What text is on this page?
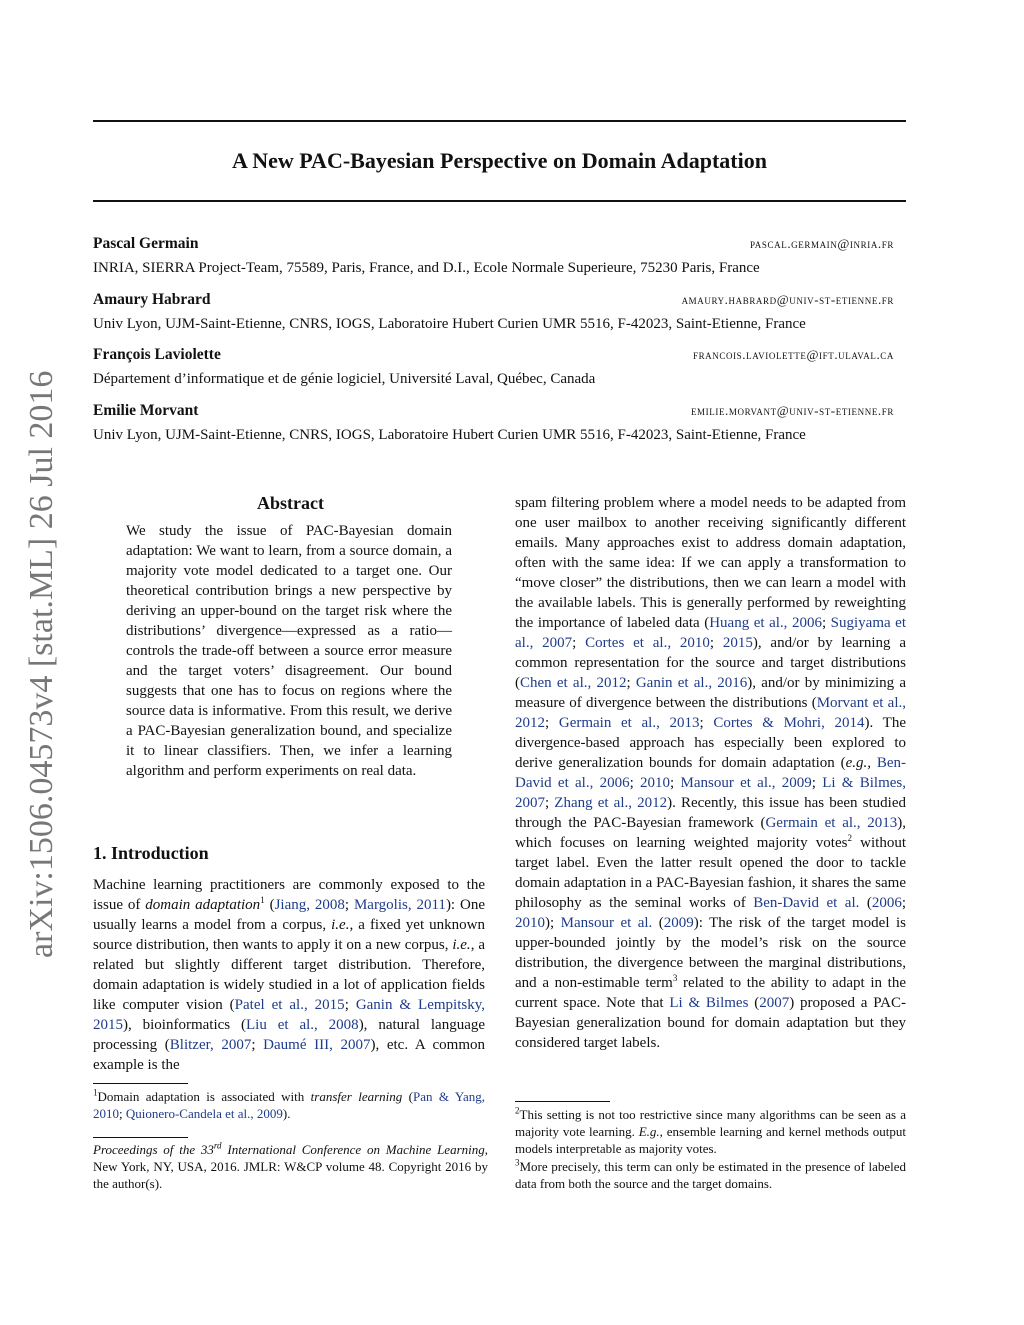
A New PAC-Bayesian Perspective on Domain Adaptation
Pascal Germain	pascal.germain@inria.fr
INRIA, SIERRA Project-Team, 75589, Paris, France, and D.I., Ecole Normale Superieure, 75230 Paris, France
Amaury Habrard	amaury.habrard@univ-st-etienne.fr
Univ Lyon, UJM-Saint-Etienne, CNRS, IOGS, Laboratoire Hubert Curien UMR 5516, F-42023, Saint-Etienne, France
François Laviolette	francois.laviolette@ift.ulaval.ca
Département d’informatique et de génie logiciel, Université Laval, Québec, Canada
Emilie Morvant	emilie.morvant@univ-st-etienne.fr
Univ Lyon, UJM-Saint-Etienne, CNRS, IOGS, Laboratoire Hubert Curien UMR 5516, F-42023, Saint-Etienne, France
arXiv:1506.04573v4 [stat.ML] 26 Jul 2016	Abstract
We study the issue of PAC-Bayesian domain adaptation: We want to learn, from a source domain, a majority vote model dedicated to a target one. Our theoretical contribution brings a new perspective by deriving an upper-bound on the target risk where the distributions’ divergence—expressed as a ratio—controls the trade-off between a source error measure and the target voters’ disagreement. Our bound suggests that one has to focus on regions where the source data is informative. From this result, we derive a PAC-Bayesian generalization bound, and specialize it to linear classifiers. Then, we infer a learning algorithm and perform experiments on real data.
1. Introduction
Machine learning practitioners are commonly exposed to the issue of domain adaptation$^1$ (Jiang, 2008; Margolis, 2011): One usually learns a model from a corpus, i.e., a fixed yet unknown source distribution, then wants to apply it on a new corpus, i.e., a related but slightly different target distribution. Therefore, domain adaptation is widely studied in a lot of application fields like computer vision (Patel et al., 2015; Ganin & Lempitsky, 2015), bioinformatics (Liu et al., 2008), natural language processing (Blitzer, 2007; Daumé III, 2007), etc. A common example is the
$^1$Domain adaptation is associated with transfer learning (Pan & Yang, 2010; Quionero-Candela et al., 2009).
Proceedings of the 33rd International Conference on Machine Learning, New York, NY, USA, 2016. JMLR: W&CP volume 48. Copyright 2016 by the author(s).
spam filtering problem where a model needs to be adapted from one user mailbox to another receiving significantly different emails. Many approaches exist to address domain adaptation, often with the same idea: If we can apply a transformation to “move closer” the distributions, then we can learn a model with the available labels. This is generally performed by reweighting the importance of labeled data (Huang et al., 2006; Sugiyama et al., 2007; Cortes et al., 2010; 2015), and/or by learning a common representation for the source and target distributions (Chen et al., 2012; Ganin et al., 2016), and/or by minimizing a measure of divergence between the distributions (Morvant et al., 2012; Germain et al., 2013; Cortes & Mohri, 2014). The divergence-based approach has especially been explored to derive generalization bounds for domain adaptation (e.g., Ben-David et al., 2006; 2010; Mansour et al., 2009; Li & Bilmes, 2007; Zhang et al., 2012). Recently, this issue has been studied through the PAC-Bayesian framework (Germain et al., 2013), which focuses on learning weighted majority votes$^2$ without target label. Even the latter result opened the door to tackle domain adaptation in a PAC-Bayesian fashion, it shares the same philosophy as the seminal works of Ben-David et al. (2006; 2010); Mansour et al. (2009): The risk of the target model is upper-bounded jointly by the model’s risk on the source distribution, the divergence between the marginal distributions, and a non-estimable term$^3$ related to the ability to adapt in the current space. Note that Li & Bilmes (2007) proposed a PAC-Bayesian generalization bound for domain adaptation but they considered target labels.
$^2$This setting is not too restrictive since many algorithms can be seen as a majority vote learning. E.g., ensemble learning and kernel methods output models interpretable as majority votes.
$^3$More precisely, this term can only be estimated in the presence of labeled data from both the source and the target domains.
